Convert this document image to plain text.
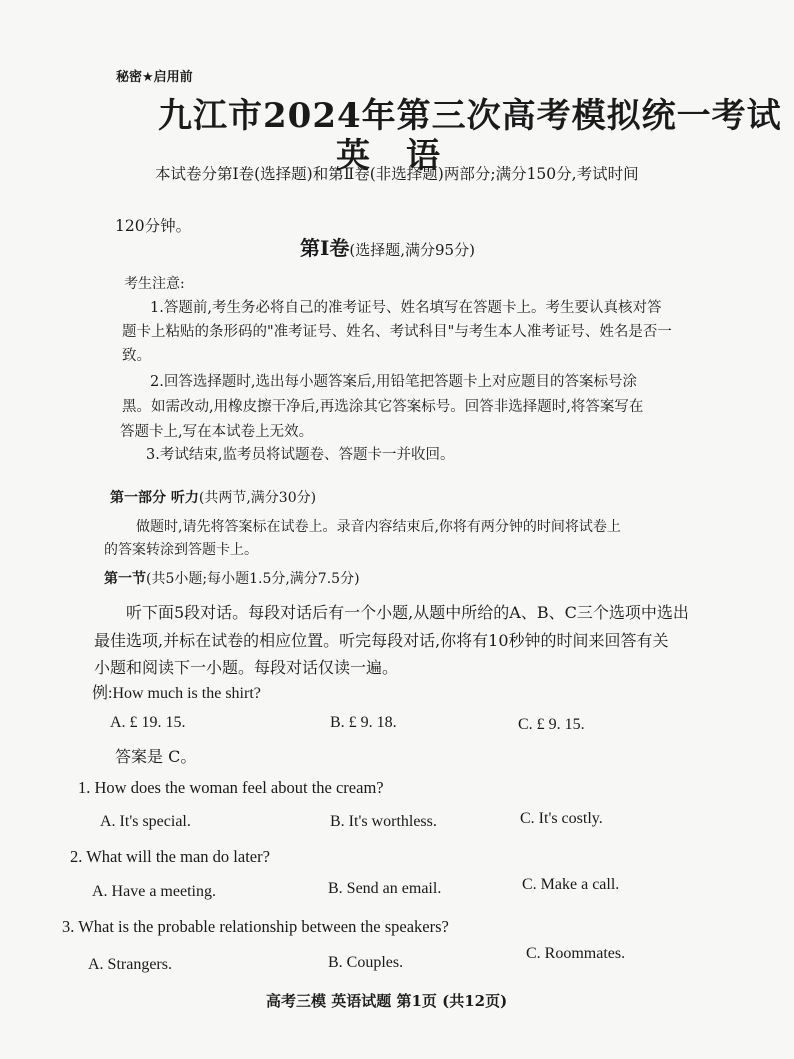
秘密★启用前
九江市2024年第三次高考模拟统一考试
英 语
本试卷分第Ⅰ卷(选择题)和第Ⅱ卷(非选择题)两部分;满分150分,考试时间
120分钟。
第Ⅰ卷(选择题,满分95分)
考生注意:
1.答题前,考生务必将自己的准考证号、姓名填写在答题卡上。考生要认真核对答
题卡上粘贴的条形码的"准考证号、姓名、考试科目"与考生本人准考证号、姓名是否一
致。
2.回答选择题时,选出每小题答案后,用铅笔把答题卡上对应题目的答案标号涂
黑。如需改动,用橡皮擦干净后,再选涂其它答案标号。回答非选择题时,将答案写在
答题卡上,写在本试卷上无效。
3.考试结束,监考员将试题卷、答题卡一并收回。
第一部分 听力(共两节,满分30分)
做题时,请先将答案标在试卷上。录音内容结束后,你将有两分钟的时间将试卷上
的答案转涂到答题卡上。
第一节(共5小题;每小题1.5分,满分7.5分)
听下面5段对话。每段对话后有一个小题,从题中所给的A、B、C三个选项中选出
最佳选项,并标在试卷的相应位置。听完每段对话,你将有10秒钟的时间来回答有关
小题和阅读下一小题。每段对话仅读一遍。
例:How much is the shirt?
A. £ 19. 15.	B. £ 9. 18.	C. £ 9. 15.
答案是 C。
1. How does the woman feel about the cream?
A. It's special.	B. It's worthless.	C. It's costly.
2. What will the man do later?
A. Have a meeting.	B. Send an email.	C. Make a call.
3. What is the probable relationship between the speakers?
A. Strangers.	B. Couples.
C. Roommates.
高考三模 英语试题 第1页 (共12页)
